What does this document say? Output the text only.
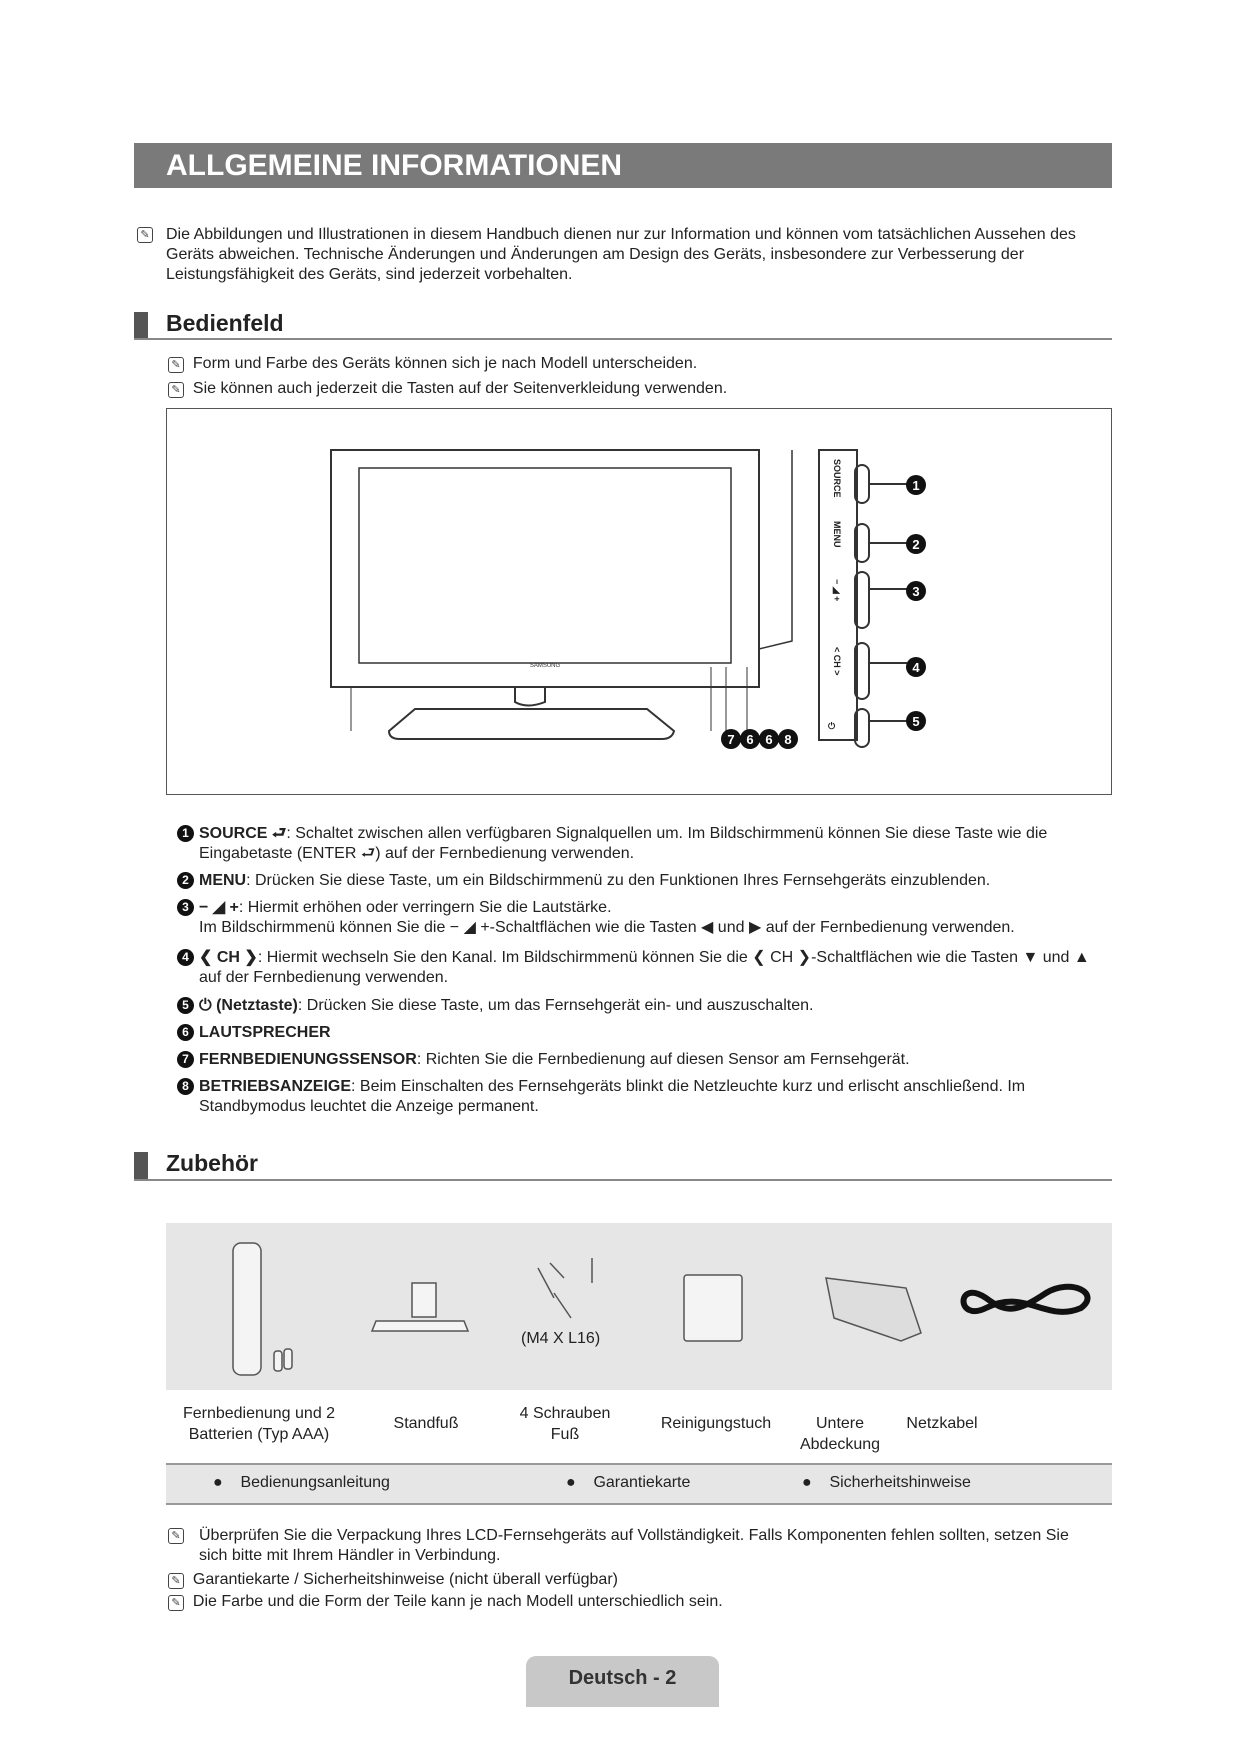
ALLGEMEINE INFORMATIONEN
✎ Die Abbildungen und Illustrationen in diesem Handbuch dienen nur zur Information und können vom tatsächlichen Aussehen des Geräts abweichen. Technische Änderungen und Änderungen am Design des Geräts, insbesondere zur Verbesserung der Leistungsfähigkeit des Geräts, sind jederzeit vorbehalten.
Bedienfeld
✎ Form und Farbe des Geräts können sich je nach Modell unterscheiden.
✎ Sie können auch jederzeit die Tasten auf der Seitenverkleidung verwenden.
SAMSUNG
SOURCE
MENU
− ◢ +
< CH >
⏻
1
2
3
4
5
7 6 6 8
1 SOURCE ⮐: Schaltet zwischen allen verfügbaren Signalquellen um. Im Bildschirmmenü können Sie diese Taste wie die Eingabetaste (ENTER ⮐) auf der Fernbedienung verwenden.
2 MENU: Drücken Sie diese Taste, um ein Bildschirmmenü zu den Funktionen Ihres Fernsehgeräts einzublenden.
3 − ◢ +: Hiermit erhöhen oder verringern Sie die Lautstärke.
Im Bildschirmmenü können Sie die − ◢ +-Schaltflächen wie die Tasten ◀ und ▶ auf der Fernbedienung verwenden.
4 ❮ CH ❯: Hiermit wechseln Sie den Kanal. Im Bildschirmmenü können Sie die ❮ CH ❯-Schaltflächen wie die Tasten ▼ und ▲ auf der Fernbedienung verwenden.
5 ⏻ (Netztaste): Drücken Sie diese Taste, um das Fernsehgerät ein- und auszuschalten.
6 LAUTSPRECHER
7 FERNBEDIENUNGSSENSOR: Richten Sie die Fernbedienung auf diesen Sensor am Fernsehgerät.
8 BETRIEBSANZEIGE: Beim Einschalten des Fernsehgeräts blinkt die Netzleuchte kurz und erlischt anschließend. Im Standbymodus leuchtet die Anzeige permanent.
Zubehör
(M4 X L16)
Fernbedienung und 2 Batterien (Typ AAA)
Standfuß
4 Schrauben Fuß
Reinigungstuch	Untere Abdeckung
Netzkabel
●    Bedienungsanleitung	●    Garantiekarte	●    Sicherheitshinweise
✎ Überprüfen Sie die Verpackung Ihres LCD-Fernsehgeräts auf Vollständigkeit. Falls Komponenten fehlen sollten, setzen Sie sich bitte mit Ihrem Händler in Verbindung.
✎ Garantiekarte / Sicherheitshinweise (nicht überall verfügbar)
✎ Die Farbe und die Form der Teile kann je nach Modell unterschiedlich sein.
Deutsch - 2
